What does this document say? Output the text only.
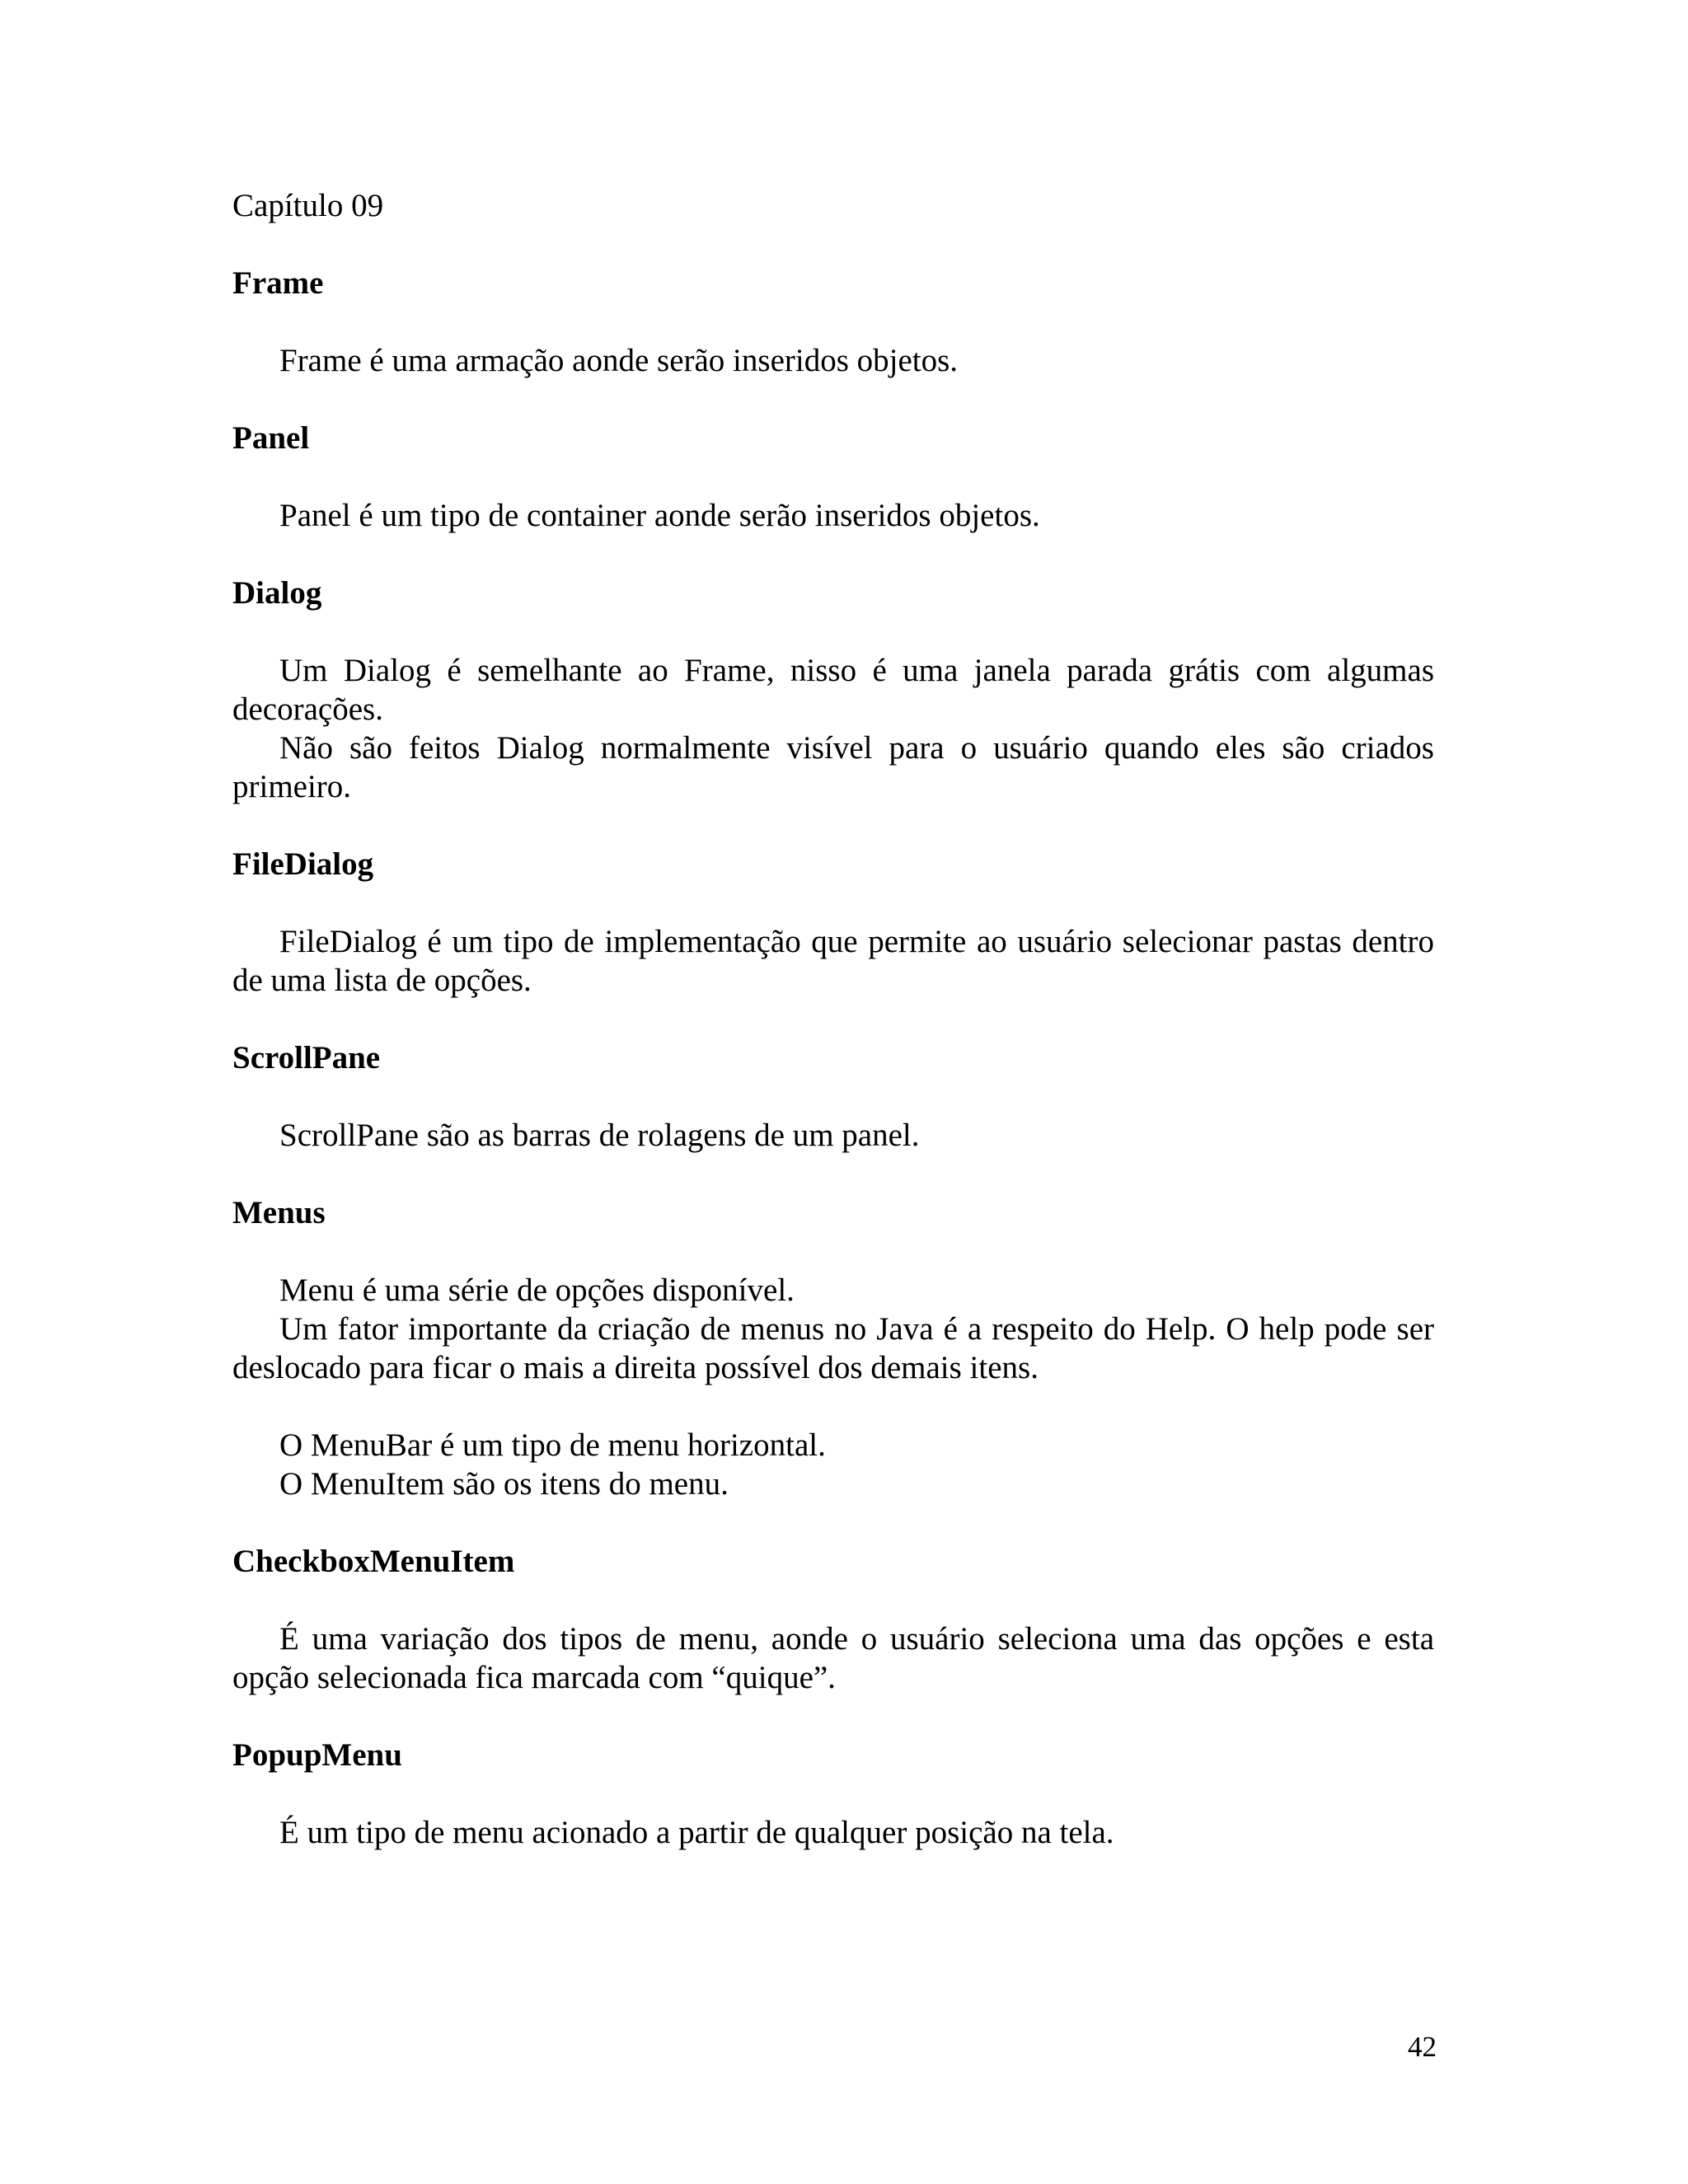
Capítulo 09
Frame

Frame é uma armação aonde serão inseridos objetos.

Panel

Panel é um tipo de container aonde serão inseridos objetos.

Dialog

Um Dialog é semelhante ao Frame, nisso é uma janela parada grátis com algumas decorações.

Não são feitos Dialog normalmente visível para o usuário quando eles são criados primeiro.

FileDialog

FileDialog é um tipo de implementação que permite ao usuário selecionar pastas dentro de uma lista de opções.

ScrollPane

ScrollPane são as barras de rolagens de um panel.

Menus

Menu é uma série de opções disponível.

Um fator importante da criação de menus no Java é a respeito do Help. O help pode ser deslocado para ficar o mais a direita possível dos demais itens.

O MenuBar é um tipo de menu horizontal.

O MenuItem são os itens do menu.

CheckboxMenuItem

É uma variação dos tipos de menu, aonde o usuário seleciona uma das opções e esta opção selecionada fica marcada com “quique”.

PopupMenu

É um tipo de menu acionado a partir de qualquer posição na tela.

42
